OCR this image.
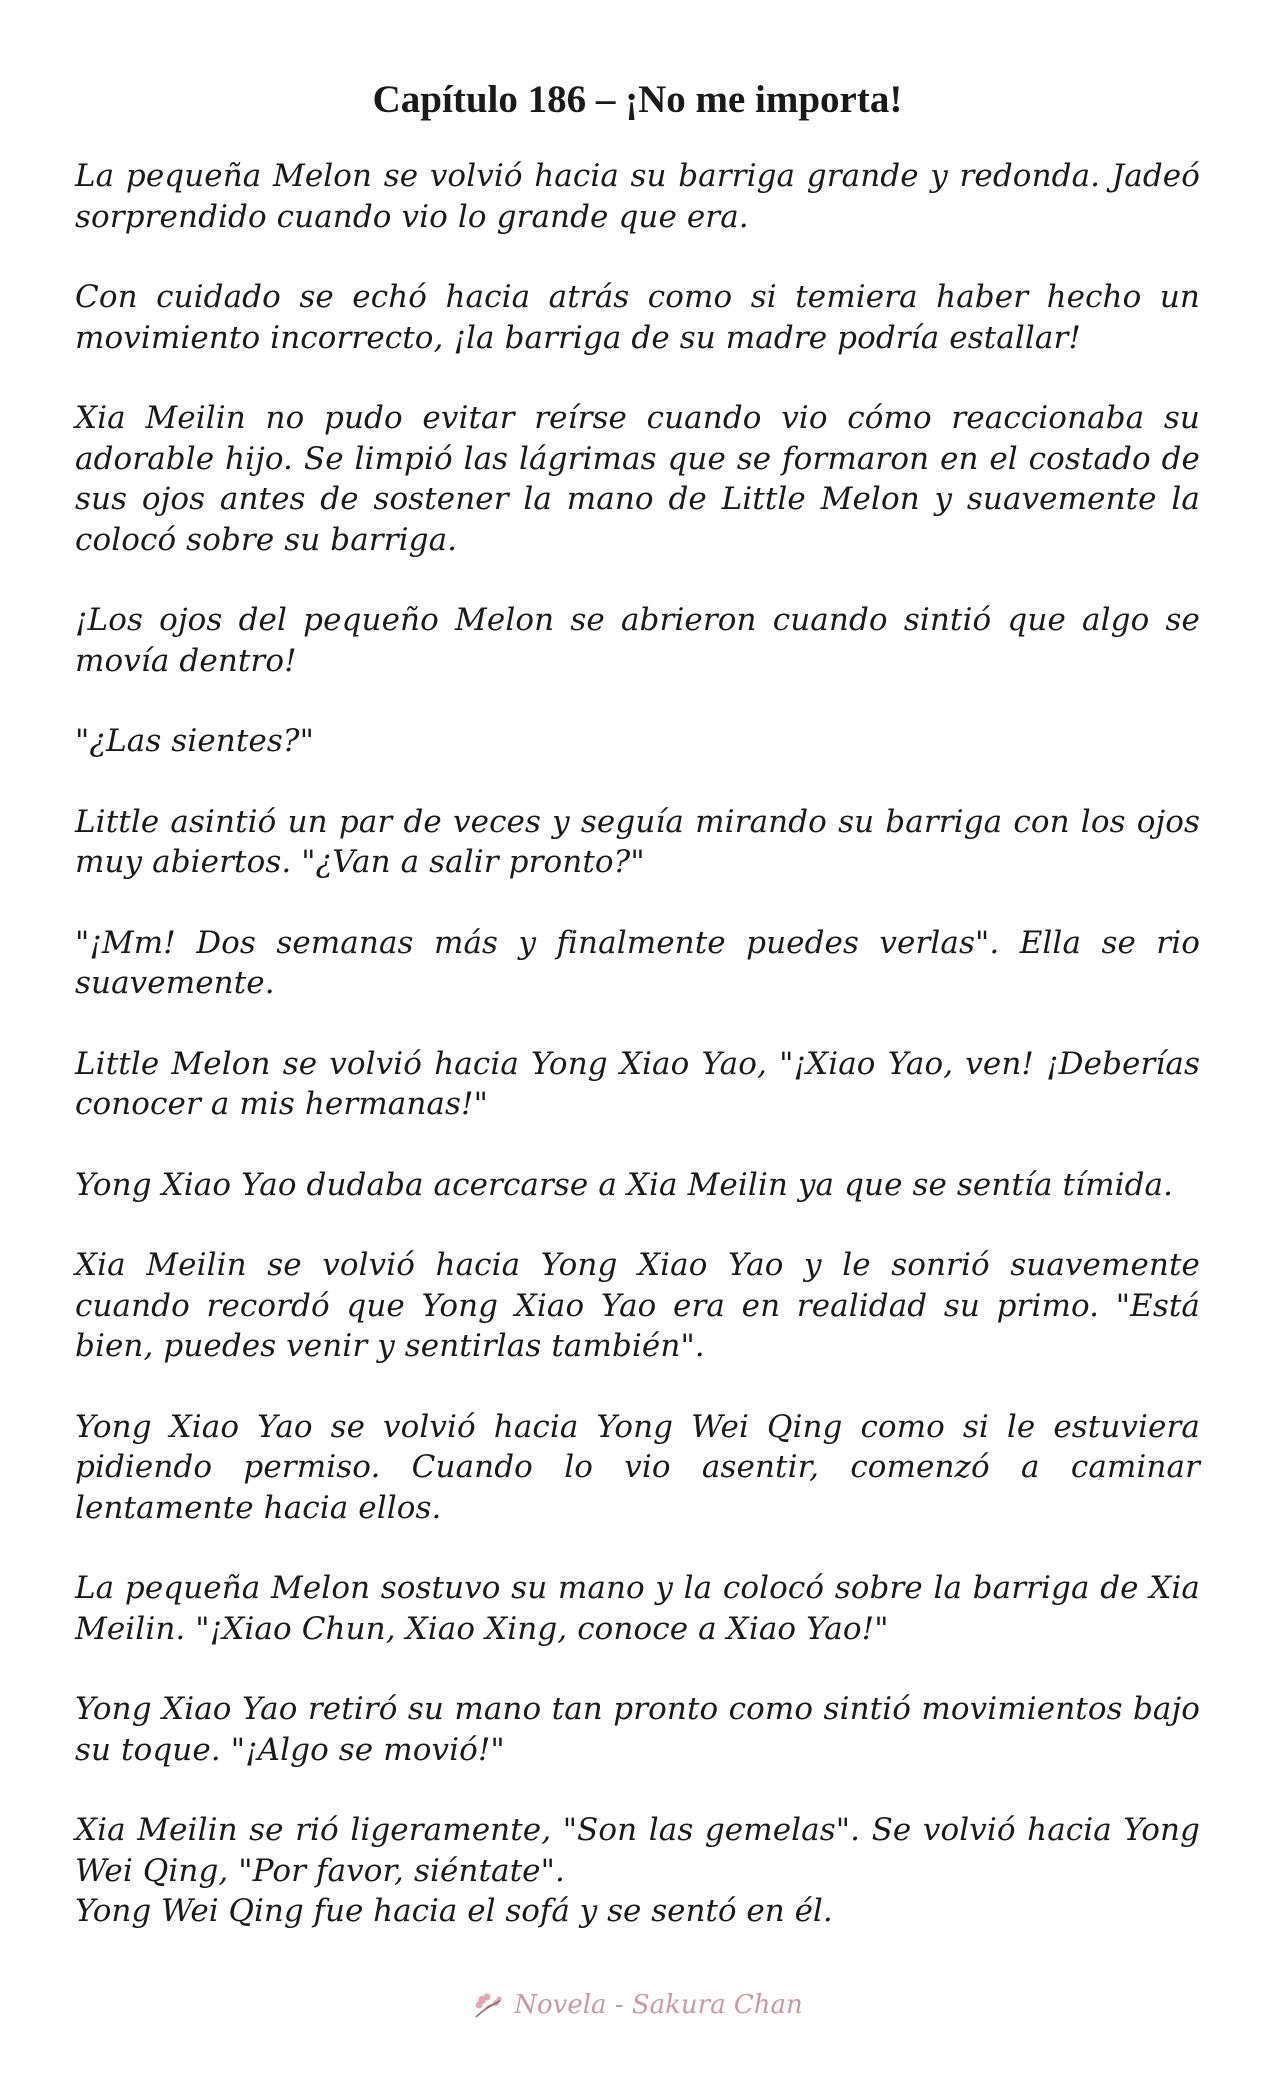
Capítulo 186 – ¡No me importa!

La pequeña Melon se volvió hacia su barriga grande y redonda. Jadeó sorprendido cuando vio lo grande que era.

Con cuidado se echó hacia atrás como si temiera haber hecho un movimiento incorrecto, ¡la barriga de su madre podría estallar!

Xia Meilin no pudo evitar reírse cuando vio cómo reaccionaba su adorable hijo. Se limpió las lágrimas que se formaron en el costado de sus ojos antes de sostener la mano de Little Melon y suavemente la colocó sobre su barriga.

¡Los ojos del pequeño Melon se abrieron cuando sintió que algo se movía dentro!

"¿Las sientes?"

Little asintió un par de veces y seguía mirando su barriga con los ojos muy abiertos. "¿Van a salir pronto?"

"¡Mm! Dos semanas más y finalmente puedes verlas". Ella se rio suavemente.

Little Melon se volvió hacia Yong Xiao Yao, "¡Xiao Yao, ven! ¡Deberías conocer a mis hermanas!"

Yong Xiao Yao dudaba acercarse a Xia Meilin ya que se sentía tímida.

Xia Meilin se volvió hacia Yong Xiao Yao y le sonrió suavemente cuando recordó que Yong Xiao Yao era en realidad su primo. "Está bien, puedes venir y sentirlas también".

Yong Xiao Yao se volvió hacia Yong Wei Qing como si le estuviera pidiendo permiso. Cuando lo vio asentir, comenzó a caminar lentamente hacia ellos.

La pequeña Melon sostuvo su mano y la colocó sobre la barriga de Xia Meilin. "¡Xiao Chun, Xiao Xing, conoce a Xiao Yao!"

Yong Xiao Yao retiró su mano tan pronto como sintió movimientos bajo su toque. "¡Algo se movió!"

Xia Meilin se rió ligeramente, "Son las gemelas". Se volvió hacia Yong Wei Qing, "Por favor, siéntate".

Yong Wei Qing fue hacia el sofá y se sentó en él.

Novela - Sakura Chan
